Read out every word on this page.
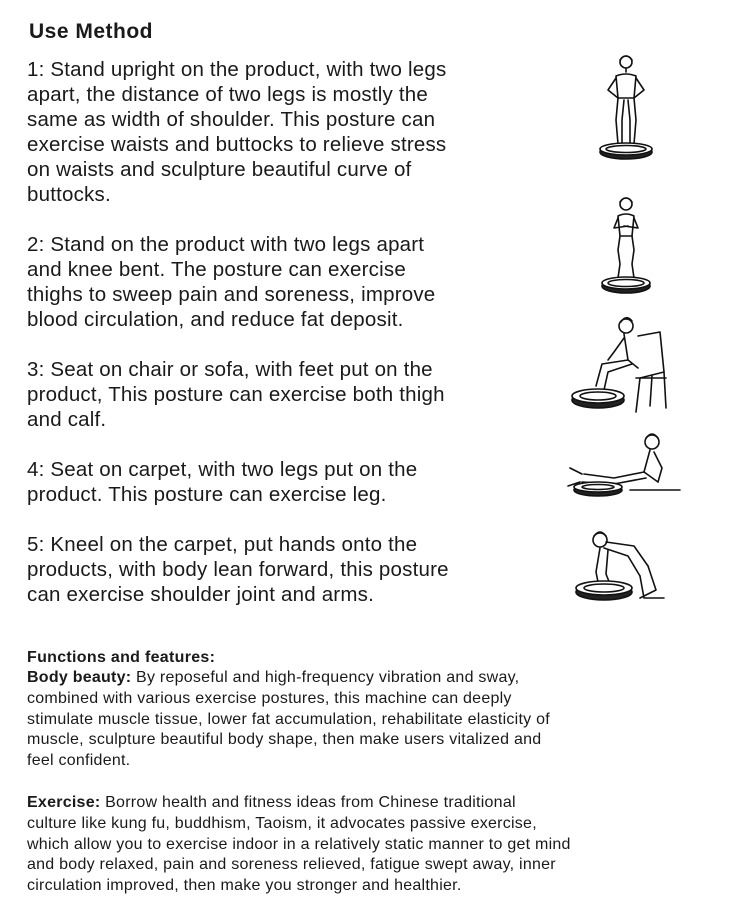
Use Method

1: Stand upright on the product, with two legs
apart, the distance of two legs is mostly the
same as width of shoulder. This posture can
exercise waists and buttocks to relieve stress
on waists and sculpture beautiful curve of
buttocks.

2: Stand on the product with two legs apart
and knee bent. The posture can exercise
thighs to sweep pain and soreness, improve
blood circulation, and reduce fat deposit.

3: Seat on chair or sofa, with feet put on the
product, This posture can exercise both thigh
and calf.

4: Seat on carpet, with two legs put on the
product. This posture can exercise leg.

5: Kneel on the carpet, put hands onto the
products, with body lean forward, this posture
can exercise shoulder joint and arms.

Functions and features:

Body beauty: By reposeful and high-frequency vibration and sway,
combined with various exercise postures, this machine can deeply
stimulate muscle tissue, lower fat accumulation, rehabilitate elasticity of
muscle, sculpture beautiful body shape, then make users vitalized and
feel confident.

Exercise: Borrow health and fitness ideas from Chinese traditional
culture like kung fu, buddhism, Taoism, it advocates passive exercise,
which allow you to exercise indoor in a relatively static manner to get mind
and body relaxed, pain and soreness relieved, fatigue swept away, inner
circulation improved, then make you stronger and healthier.
